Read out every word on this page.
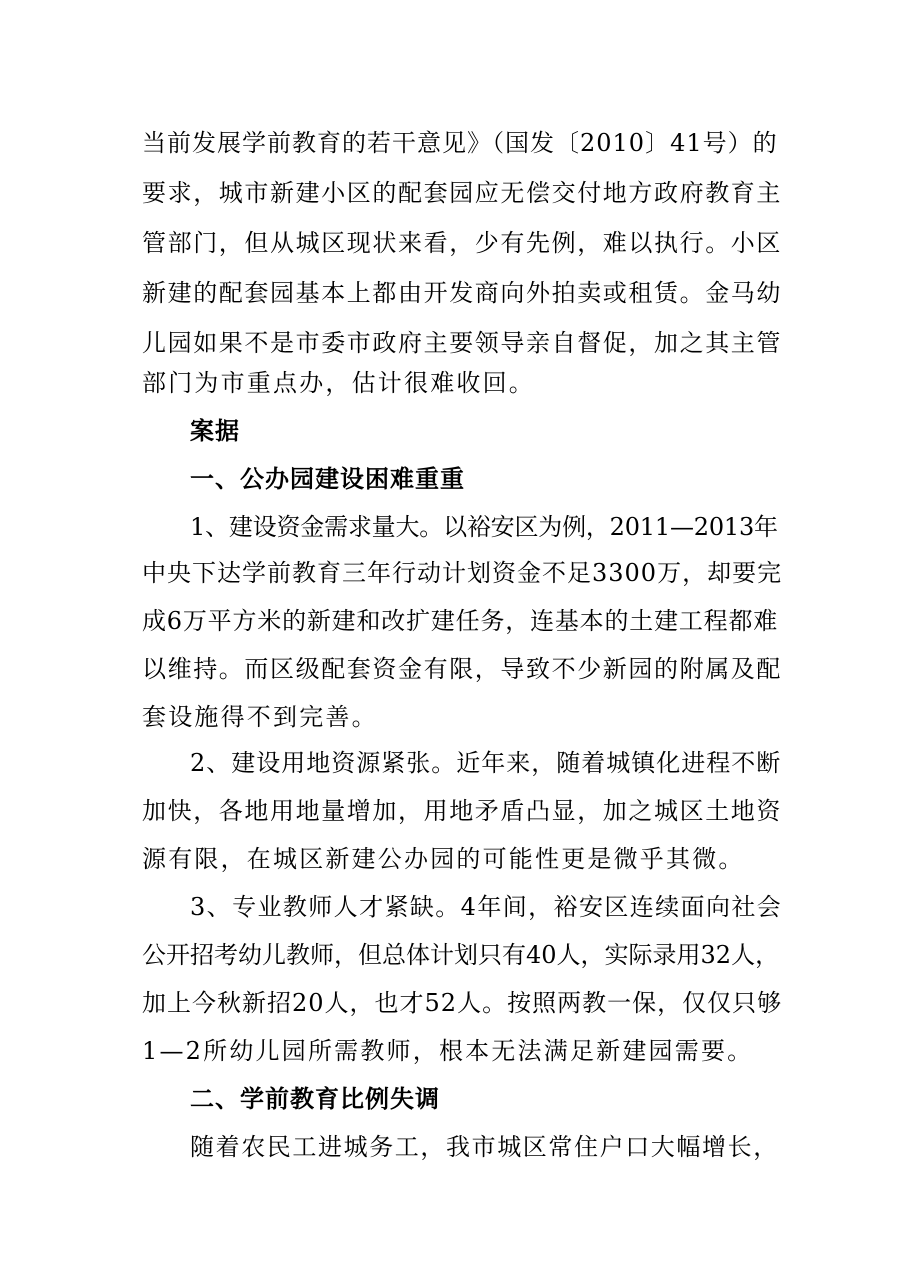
当前发展学前教育的若干意见》（国发〔2010〕41号）的
要求，城市新建小区的配套园应无偿交付地方政府教育主
管部门，但从城区现状来看，少有先例，难以执行。小区
新建的配套园基本上都由开发商向外拍卖或租赁。金马幼
儿园如果不是市委市政府主要领导亲自督促，加之其主管
部门为市重点办，估计很难收回。
案据
一、公办园建设困难重重
1、建设资金需求量大。以裕安区为例，2011—2013年
中央下达学前教育三年行动计划资金不足3300万，却要完
成6万平方米的新建和改扩建任务，连基本的土建工程都难
以维持。而区级配套资金有限，导致不少新园的附属及配
套设施得不到完善。
2、建设用地资源紧张。近年来，随着城镇化进程不断
加快，各地用地量增加，用地矛盾凸显，加之城区土地资
源有限，在城区新建公办园的可能性更是微乎其微。
3、专业教师人才紧缺。4年间，裕安区连续面向社会
公开招考幼儿教师，但总体计划只有40人，实际录用32人，
加上今秋新招20人，也才52人。按照两教一保，仅仅只够
1—2所幼儿园所需教师，根本无法满足新建园需要。
二、学前教育比例失调
随着农民工进城务工，我市城区常住户口大幅增长，
